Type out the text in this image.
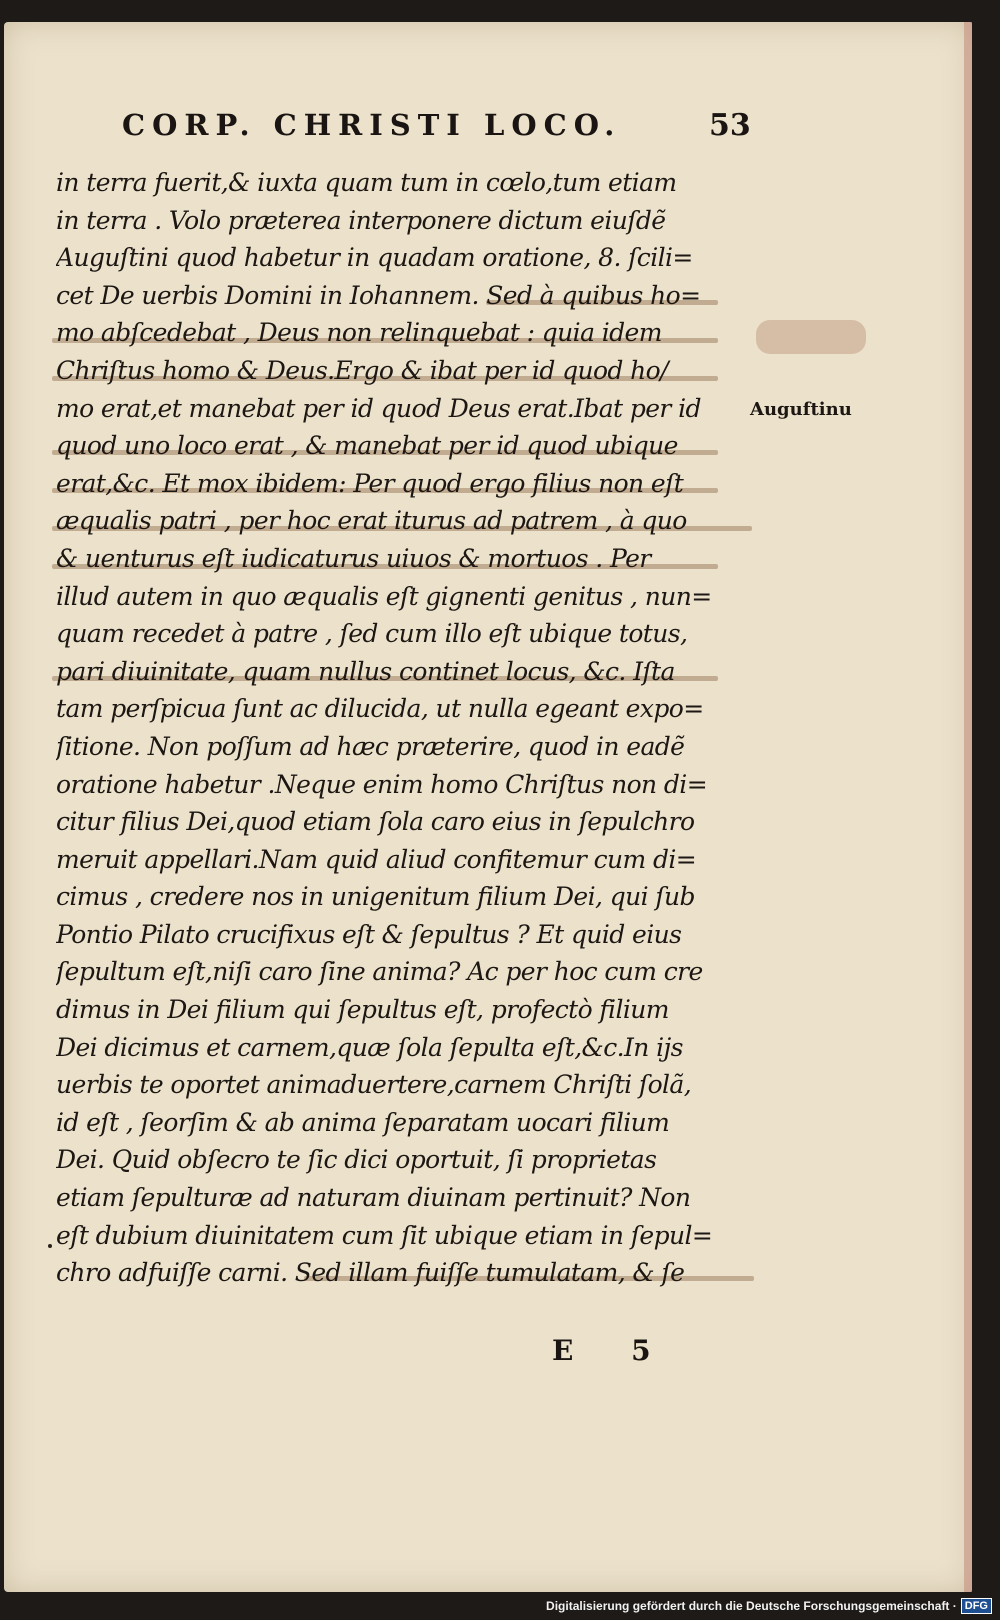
CORP. CHRISTI LOCO.	53
Auguftinu
in terra fuerit,& iuxta quam tum in cœlo,tum etiam
in terra . Volo præterea interponere dictum eiuſdẽ
Auguſtini quod habetur in quadam oratione, 8. ſcili=
cet De uerbis Domini in Iohannem. Sed à quibus ho=
mo abſcedebat , Deus non relinquebat : quia idem
Chriſtus homo & Deus.Ergo & ibat per id quod ho/
mo erat,et manebat per id quod Deus erat.Ibat per id
quod uno loco erat , & manebat per id quod ubique
erat,&c. Et mox ibidem: Per quod ergo filius non eſt
æqualis patri , per hoc erat iturus ad patrem , à quo
& uenturus eſt iudicaturus uiuos & mortuos . Per
illud autem in quo æqualis eſt gignenti genitus , nun=
quam recedet à patre , ſed cum illo eſt ubique totus,
pari diuinitate, quam nullus continet locus, &c. Iſta
tam perſpicua ſunt ac dilucida, ut nulla egeant expo=
ſitione. Non poſſum ad hæc præterire, quod in eadẽ
oratione habetur .Neque enim homo Chriſtus non di=
citur filius Dei,quod etiam ſola caro eius in ſepulchro
meruit appellari.Nam quid aliud confitemur cum di=
cimus , credere nos in unigenitum filium Dei, qui ſub
Pontio Pilato crucifixus eſt & ſepultus ? Et quid eius
ſepultum eſt,niſi caro ſine anima? Ac per hoc cum cre
dimus in Dei filium qui ſepultus eſt, profectò filium
Dei dicimus et carnem,quæ ſola ſepulta eſt,&c.In ijs
uerbis te oportet animaduertere,carnem Chriſti ſolã,
id eſt , ſeorſim & ab anima ſeparatam uocari filium
Dei. Quid obſecro te ſic dici oportuit, ſi proprietas
etiam ſepulturæ ad naturam diuinam pertinuit? Non
eſt dubium diuinitatem cum ſit ubique etiam in ſepul=
chro adfuiſſe carni. Sed illam fuiſſe tumulatam, & ſe
E 5
Digitalisierung gefördert durch die Deutsche Forschungsgemeinschaft · DFG
